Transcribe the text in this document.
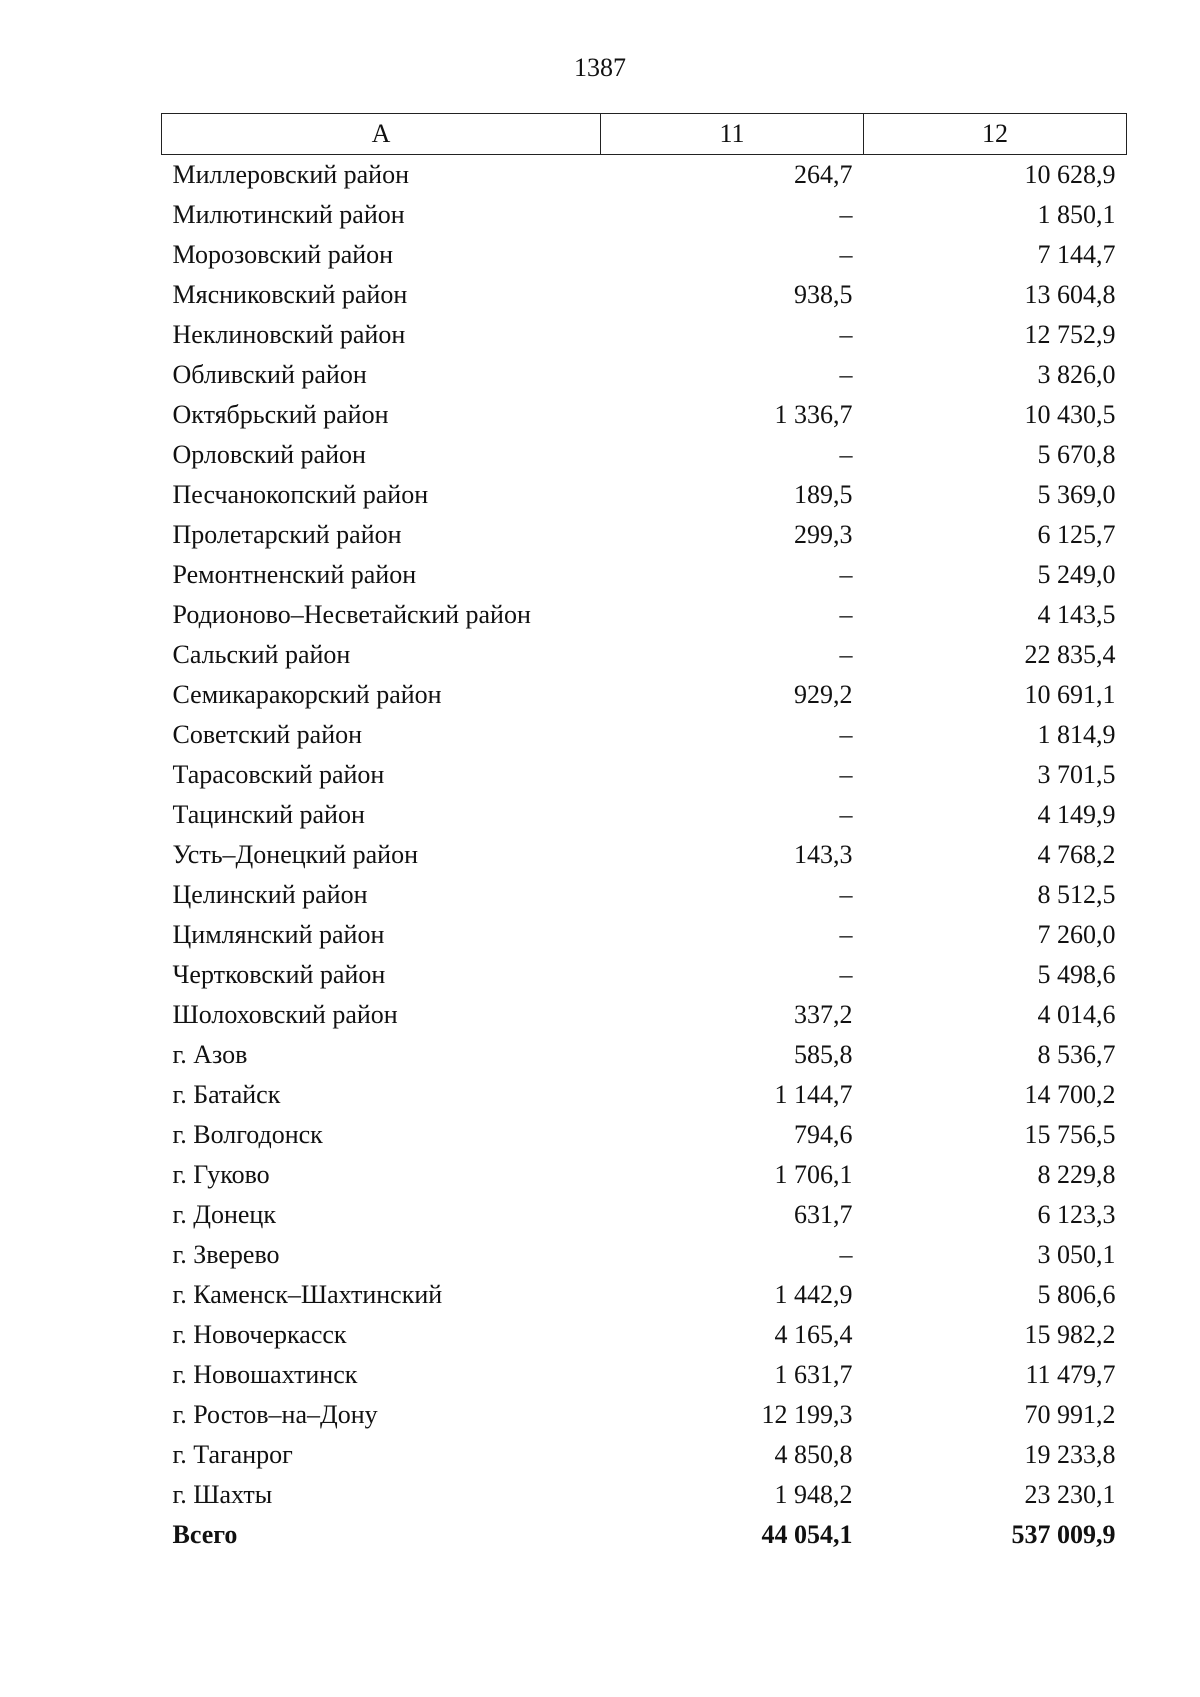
1387
А	11	12
Миллеровский район	264,7	10 628,9
Милютинский район	–	1 850,1
Морозовский район	–	7 144,7
Мясниковский район	938,5	13 604,8
Неклиновский район	–	12 752,9
Обливский район	–	3 826,0
Октябрьский район	1 336,7	10 430,5
Орловский район	–	5 670,8
Песчанокопский район	189,5	5 369,0
Пролетарский район	299,3	6 125,7
Ремонтненский район	–	5 249,0
Родионово–Несветайский район	–	4 143,5
Сальский район	–	22 835,4
Семикаракорский район	929,2	10 691,1
Советский район	–	1 814,9
Тарасовский район	–	3 701,5
Тацинский район	–	4 149,9
Усть–Донецкий район	143,3	4 768,2
Целинский район	–	8 512,5
Цимлянский район	–	7 260,0
Чертковский район	–	5 498,6
Шолоховский район	337,2	4 014,6
г. Азов	585,8	8 536,7
г. Батайск	1 144,7	14 700,2
г. Волгодонск	794,6	15 756,5
г. Гуково	1 706,1	8 229,8
г. Донецк	631,7	6 123,3
г. Зверево	–	3 050,1
г. Каменск–Шахтинский	1 442,9	5 806,6
г. Новочеркасск	4 165,4	15 982,2
г. Новошахтинск	1 631,7	11 479,7
г. Ростов–на–Дону	12 199,3	70 991,2
г. Таганрог	4 850,8	19 233,8
г. Шахты	1 948,2	23 230,1
Всего	44 054,1	537 009,9
